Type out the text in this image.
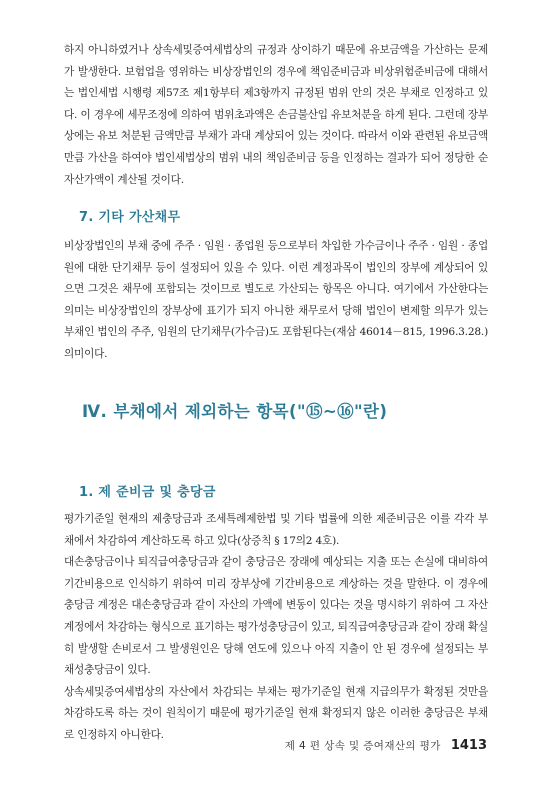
하지 아니하였거나 상속세및증여세법상의 규정과 상이하기 때문에 유보금액을 가산하는 문제가 발생한다. 보험업을 영위하는 비상장법인의 경우에 책임준비금과 비상위험준비금에 대해서는 법인세법 시행령 제57조 제1항부터 제3항까지 규정된 범위 안의 것은 부채로 인정하고 있다. 이 경우에 세무조정에 의하여 범위초과액은 손금불산입 유보처분을 하게 된다. 그런데 장부상에는 유보 처분된 금액만큼 부채가 과대 계상되어 있는 것이다. 따라서 이와 관련된 유보금액만큼 가산을 하여야 법인세법상의 범위 내의 책임준비금 등을 인정하는 결과가 되어 정당한 순자산가액이 계산될 것이다.

7. 기타 가산채무

비상장법인의 부채 중에 주주 · 임원 · 종업원 등으로부터 차입한 가수금이나 주주 · 임원 · 종업원에 대한 단기채무 등이 설정되어 있을 수 있다. 이런 계정과목이 법인의 장부에 계상되어 있으면 그것은 채무에 포함되는 것이므로 별도로 가산되는 항목은 아니다. 여기에서 가산한다는 의미는 비상장법인의 장부상에 표기가 되지 아니한 채무로서 당해 법인이 변제할 의무가 있는 부채인 법인의 주주, 임원의 단기채무(가수금)도 포함된다는(재삼 46014－815, 1996.3.28.) 의미이다.

Ⅳ. 부채에서 제외하는 항목("⑮~⑯"란)
1. 제 준비금 및 충당금

평가기준일 현재의 제충당금과 조세특례제한법 및 기타 법률에 의한 제준비금은 이를 각각 부채에서 차감하여 계산하도록 하고 있다(상증칙 § 17의2 4호).

대손충당금이나 퇴직급여충당금과 같이 충당금은 장래에 예상되는 지출 또는 손실에 대비하여 기간비용으로 인식하기 위하여 미리 장부상에 기간비용으로 계상하는 것을 말한다. 이 경우에 충당금 계정은 대손충당금과 같이 자산의 가액에 변동이 있다는 것을 명시하기 위하여 그 자산계정에서 차감하는 형식으로 표기하는 평가성충당금이 있고, 퇴직급여충당금과 같이 장래 확실히 발생할 손비로서 그 발생원인은 당해 연도에 있으나 아직 지출이 안 된 경우에 설정되는 부채성충당금이 있다.

상속세및증여세법상의 자산에서 차감되는 부채는 평가기준일 현재 지급의무가 확정된 것만을 차감하도록 하는 것이 원칙이기 때문에 평가기준일 현재 확정되지 않은 이러한 충당금은 부채로 인정하지 아니한다.

제 4 편 상속 및 증여재산의 평가 1413
